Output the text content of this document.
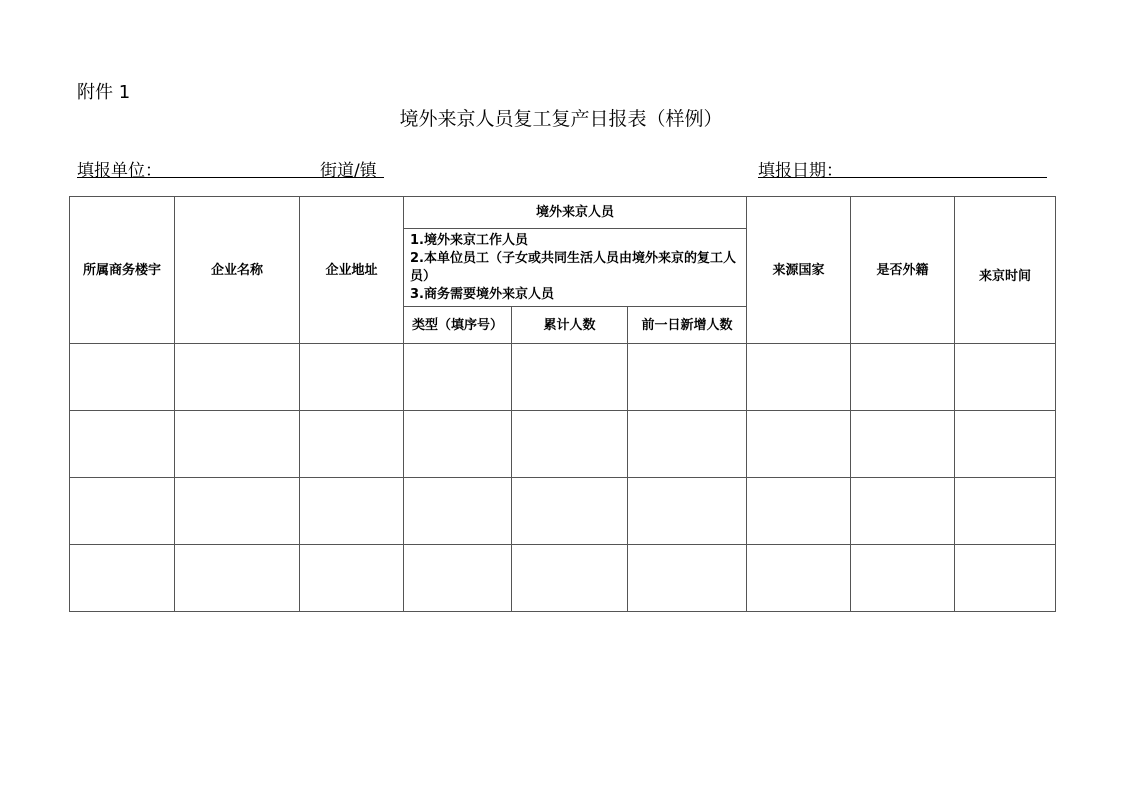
附件 1
境外来京人员复工复产日报表（样例）
填报单位：	街道/镇	填报日期：
所属商务楼宇	企业名称	企业地址	境外来京人员			来源国家	是否外籍	来京时间

			1.境外来京工作人员
2.本单位员工（子女或共同生活人员由境外来京的复工人员）
3.商务需要境外来京人员					

			类型（填序号）	累计人数	前一日新增人数			
